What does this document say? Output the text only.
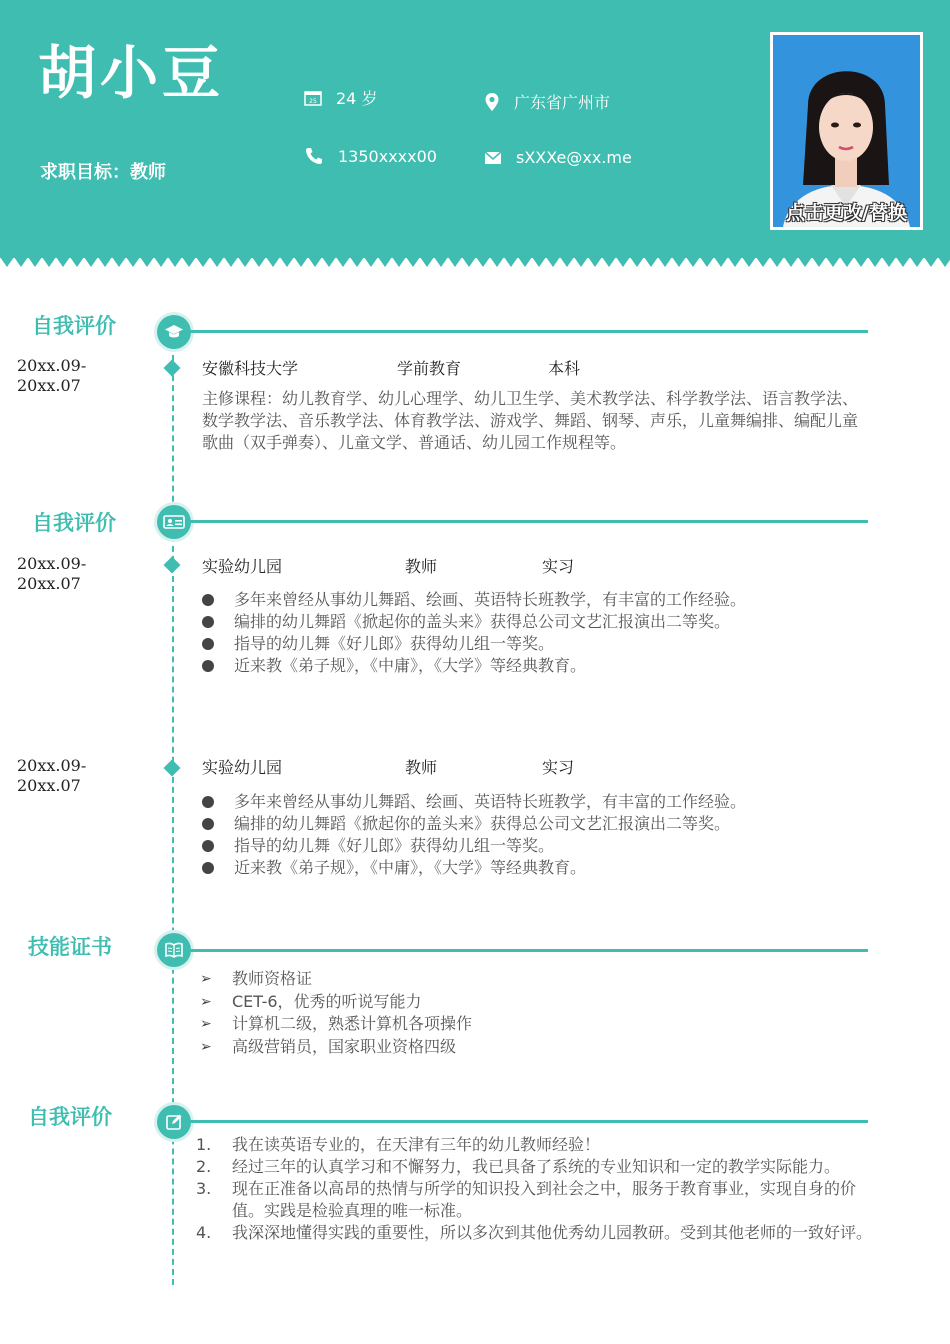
胡小豆
求职目标：教师
25 24 岁	广东省广州市
1350xxxx00	sXXXe@xx.me
点击更改/替换
自我评价
20xx.09-20xx.07
安徽科技大学	学前教育	本科
主修课程：幼儿教育学、幼儿心理学、幼儿卫生学、美术教学法、科学教学法、语言教学法、数学教学法、音乐教学法、体育教学法、游戏学、舞蹈、钢琴、声乐，儿童舞编排、编配儿童歌曲（双手弹奏）、儿童文学、普通话、幼儿园工作规程等。
自我评价
20xx.09-
20xx.07
实验幼儿园	教师	实习
多年来曾经从事幼儿舞蹈、绘画、英语特长班教学，有丰富的工作经验。
编排的幼儿舞蹈《掀起你的盖头来》获得总公司文艺汇报演出二等奖。
指导的幼儿舞《好儿郎》获得幼儿组一等奖。
近来教《弟子规》，《中庸》，《大学》等经典教育。
20xx.09-
20xx.07
实验幼儿园	教师	实习
多年来曾经从事幼儿舞蹈、绘画、英语特长班教学，有丰富的工作经验。
编排的幼儿舞蹈《掀起你的盖头来》获得总公司文艺汇报演出二等奖。
指导的幼儿舞《好儿郎》获得幼儿组一等奖。
近来教《弟子规》，《中庸》，《大学》等经典教育。
技能证书
➢ 教师资格证
➢ CET-6，优秀的听说写能力
➢ 计算机二级，熟悉计算机各项操作
➢ 高级营销员，国家职业资格四级
自我评价
1. 我在读英语专业的，在天津有三年的幼儿教师经验！
2. 经过三年的认真学习和不懈努力，我已具备了系统的专业知识和一定的教学实际能力。
3. 现在正准备以高昂的热情与所学的知识投入到社会之中，服务于教育事业，实现自身的价值。实践是检验真理的唯一标准。
4. 我深深地懂得实践的重要性，所以多次到其他优秀幼儿园教研。受到其他老师的一致好评。
